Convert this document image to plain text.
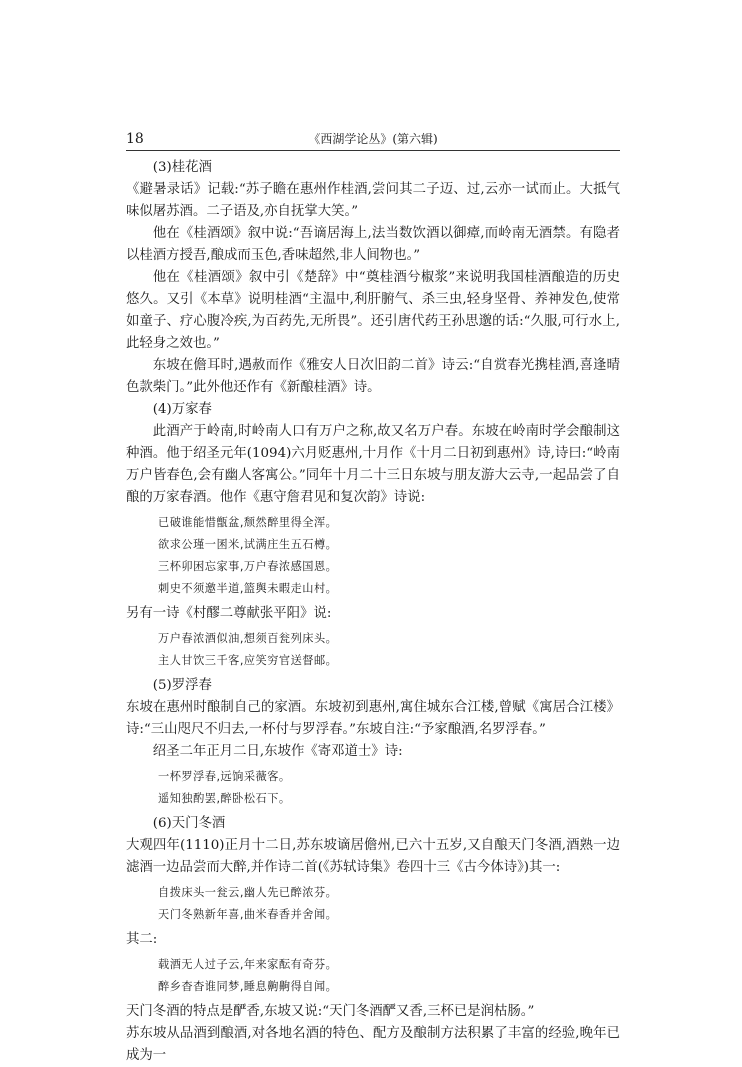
18	《西湖学论丛》(第六辑)

(3)桂花酒

《避暑录话》记载:“苏子瞻在惠州作桂酒,尝问其二子迈、过,云亦一试而止。大抵气味似屠苏酒。二子语及,亦自抚掌大笑。”

他在《桂酒颂》叙中说:“吾谪居海上,法当数饮酒以御瘴,而岭南无酒禁。有隐者以桂酒方授吾,酿成而玉色,香味超然,非人间物也。”

他在《桂酒颂》叙中引《楚辞》中“奠桂酒兮椒浆”来说明我国桂酒酿造的历史悠久。又引《本草》说明桂酒“主温中,利肝腑气、杀三虫,轻身坚骨、养神发色,使常如童子、疗心腹冷疾,为百药先,无所畏”。还引唐代药王孙思邈的话:“久服,可行水上,此轻身之效也。”

东坡在儋耳时,遇赦而作《雅安人日次旧韵二首》诗云:“自赏春光携桂酒,喜逢晴色款柴门。”此外他还作有《新酿桂酒》诗。

(4)万家春

此酒产于岭南,时岭南人口有万户之称,故又名万户春。东坡在岭南时学会酿制这种酒。他于绍圣元年(1094)六月贬惠州,十月作《十月二日初到惠州》诗,诗曰:“岭南万户皆春色,会有幽人客寓公。”同年十月二十三日东坡与朋友游大云寺,一起品尝了自酿的万家春酒。他作《惠守詹君见和复次韵》诗说:

已破谁能惜甑盆,颓然醉里得全浑。

欲求公瑾一囷米,试满庄生五石樽。

三杯卯困忘家事,万户春浓感国恩。

刺史不须邀半道,篮舆未暇走山村。

另有一诗《村醪二尊献张平阳》说:

万户春浓酒似油,想须百瓮列床头。

主人甘饮三千客,应笑穷官送督邮。

(5)罗浮春

东坡在惠州时酿制自己的家酒。东坡初到惠州,寓住城东合江楼,曾赋《寓居合江楼》诗:“三山咫尺不归去,一杯付与罗浮春。”东坡自注:“予家酿酒,名罗浮春。”

绍圣二年正月二日,东坡作《寄邓道士》诗:

一杯罗浮春,远饷采薇客。

遥知独酌罢,醉卧松石下。

(6)天门冬酒

大观四年(1110)正月十二日,苏东坡谪居儋州,已六十五岁,又自酿天门冬酒,酒熟一边滤酒一边品尝而大醉,并作诗二首(《苏轼诗集》卷四十三《古今体诗》)其一:

自拨床头一瓮云,幽人先已醉浓芬。

天门冬熟新年喜,曲米春香并舍闻。

其二:

载酒无人过子云,年来家酝有奇芬。

醉乡杳杳谁同梦,睡息齁齁得自闻。

天门冬酒的特点是酽香,东坡又说:“天门冬酒酽又香,三杯已是润枯肠。”

苏东坡从品酒到酿酒,对各地名酒的特色、配方及酿制方法积累了丰富的经验,晚年已成为一
